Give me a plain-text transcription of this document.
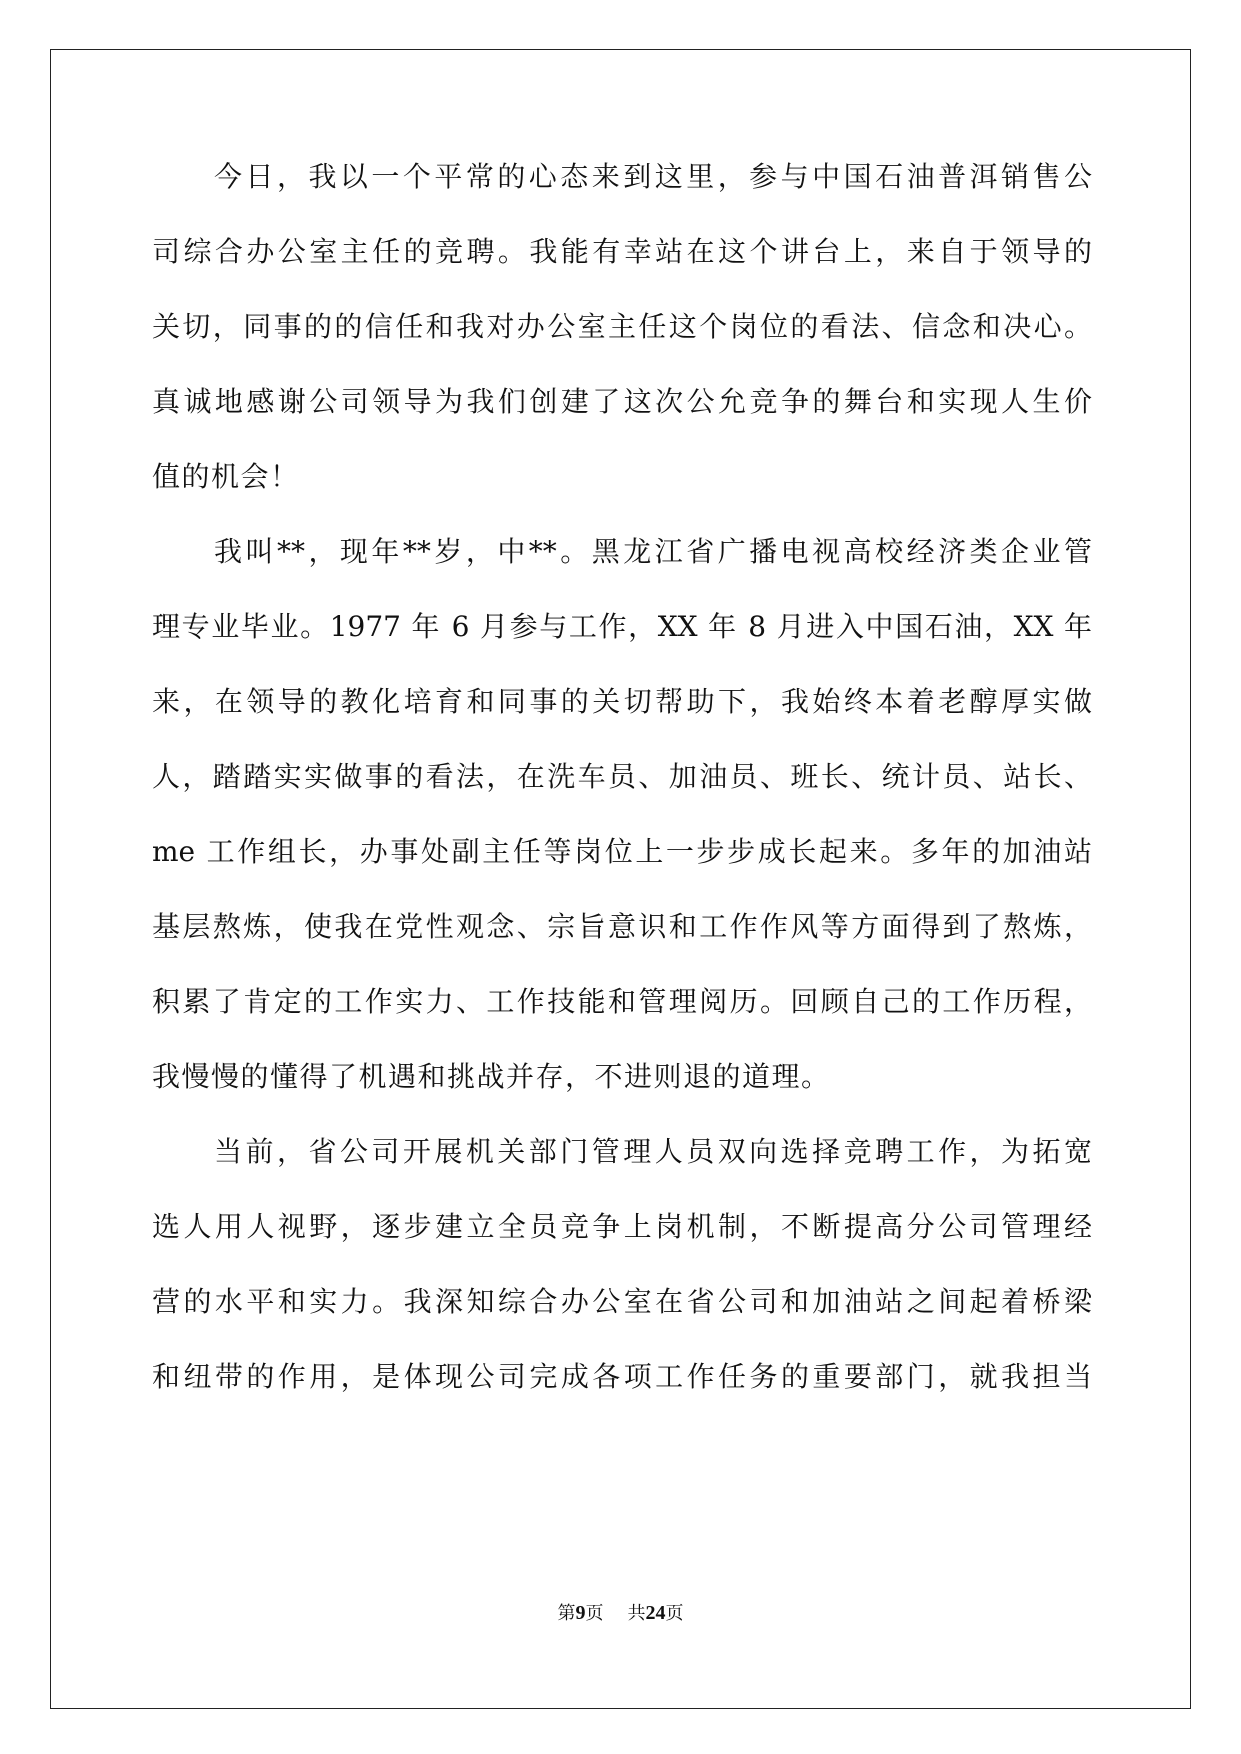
今日，我以一个平常的心态来到这里，参与中国石油普洱销售公
司综合办公室主任的竞聘。我能有幸站在这个讲台上，来自于领导的
关切，同事的的信任和我对办公室主任这个岗位的看法、信念和决心。
真诚地感谢公司领导为我们创建了这次公允竞争的舞台和实现人生价
值的机会！
我叫**，现年**岁，中**。黑龙江省广播电视高校经济类企业管
理专业毕业。1977 年 6 月参与工作，XX 年 8 月进入中国石油，XX 年
来，在领导的教化培育和同事的关切帮助下，我始终本着老醇厚实做
人，踏踏实实做事的看法，在洗车员、加油员、班长、统计员、站长、
me 工作组长，办事处副主任等岗位上一步步成长起来。多年的加油站
基层熬炼，使我在党性观念、宗旨意识和工作作风等方面得到了熬炼，
积累了肯定的工作实力、工作技能和管理阅历。回顾自己的工作历程，
我慢慢的懂得了机遇和挑战并存，不进则退的道理。
当前，省公司开展机关部门管理人员双向选择竞聘工作，为拓宽
选人用人视野，逐步建立全员竞争上岗机制，不断提高分公司管理经
营的水平和实力。我深知综合办公室在省公司和加油站之间起着桥梁
和纽带的作用，是体现公司完成各项工作任务的重要部门，就我担当
第9页 共24页
